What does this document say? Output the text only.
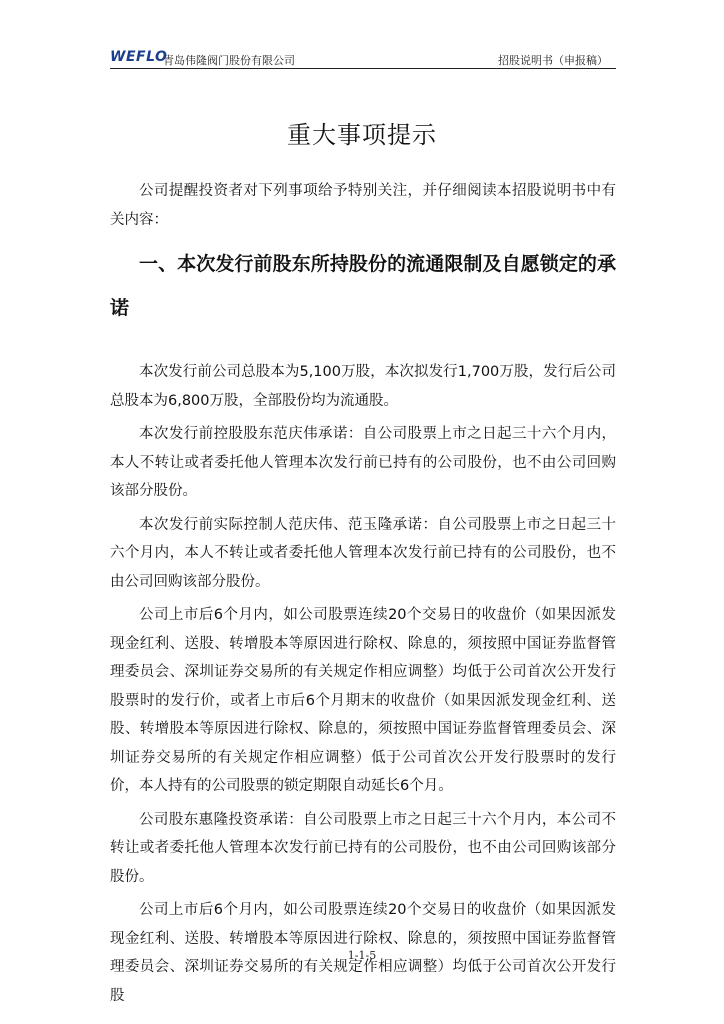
WEFLO
青岛伟隆阀门股份有限公司	招股说明书（申报稿）
重大事项提示

公司提醒投资者对下列事项给予特别关注，并仔细阅读本招股说明书中有关内容：

一、本次发行前股东所持股份的流通限制及自愿锁定的承诺

本次发行前公司总股本为5,100万股，本次拟发行1,700万股，发行后公司总股本为6,800万股，全部股份均为流通股。

本次发行前控股股东范庆伟承诺：自公司股票上市之日起三十六个月内，本人不转让或者委托他人管理本次发行前已持有的公司股份，也不由公司回购该部分股份。

本次发行前实际控制人范庆伟、范玉隆承诺：自公司股票上市之日起三十六个月内，本人不转让或者委托他人管理本次发行前已持有的公司股份，也不由公司回购该部分股份。

公司上市后6个月内，如公司股票连续20个交易日的收盘价（如果因派发现金红利、送股、转增股本等原因进行除权、除息的，须按照中国证券监督管理委员会、深圳证券交易所的有关规定作相应调整）均低于公司首次公开发行股票时的发行价，或者上市后6个月期末的收盘价（如果因派发现金红利、送股、转增股本等原因进行除权、除息的，须按照中国证券监督管理委员会、深圳证券交易所的有关规定作相应调整）低于公司首次公开发行股票时的发行价，本人持有的公司股票的锁定期限自动延长6个月。

公司股东惠隆投资承诺：自公司股票上市之日起三十六个月内，本公司不转让或者委托他人管理本次发行前已持有的公司股份，也不由公司回购该部分股份。

公司上市后6个月内，如公司股票连续20个交易日的收盘价（如果因派发现金红利、送股、转增股本等原因进行除权、除息的，须按照中国证券监督管理委员会、深圳证券交易所的有关规定作相应调整）均低于公司首次公开发行股

1-1-5
